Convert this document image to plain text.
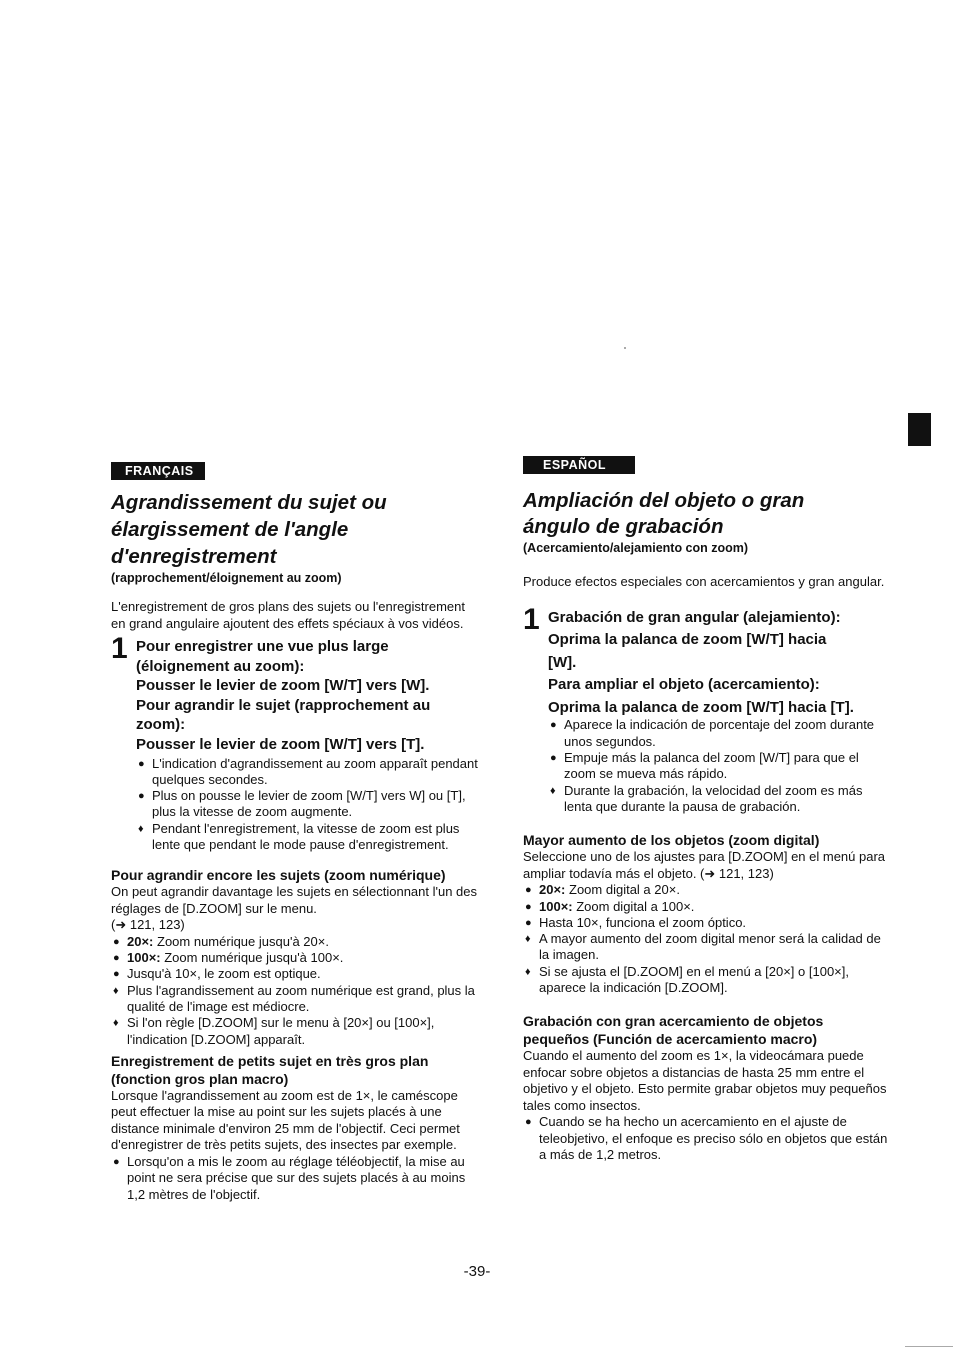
FRANÇAIS
Agrandissement du sujet ou
élargissement de l'angle
d'enregistrement

(rapprochement/éloignement au zoom)

L'enregistrement de gros plans des sujets ou l'enregistrement en grand angulaire ajoutent des effets spéciaux à vos vidéos.

1 Pour enregistrer une vue plus large

(éloignement au zoom):

Pousser le levier de zoom [W/T] vers [W].

Pour agrandir le sujet (rapprochement au

zoom):

Pousser le levier de zoom [W/T] vers [T].

● L'indication d'agrandissement au zoom apparaît pendant quelques secondes.
● Plus on pousse le levier de zoom [W/T] vers W] ou [T], plus la vitesse de zoom augmente.
♦ Pendant l'enregistrement, la vitesse de zoom est plus lente que pendant le mode pause d'enregistrement.

Pour agrandir encore les sujets (zoom numérique)

On peut agrandir davantage les sujets en sélectionnant l'un des réglages de [D.ZOOM] sur le menu.

(➜ 121, 123)

● 20×: Zoom numérique jusqu'à 20×.
● 100×: Zoom numérique jusqu'à 100×.
● Jusqu'à 10×, le zoom est optique.
♦ Plus l'agrandissement au zoom numérique est grand, plus la qualité de l'image est médiocre.
♦ Si l'on règle [D.ZOOM] sur le menu à [20×] ou [100×], l'indication [D.ZOOM] apparaît.

Enregistrement de petits sujet en très gros plan (fonction gros plan macro)

Lorsque l'agrandissement au zoom est de 1×, le caméscope peut effectuer la mise au point sur les sujets placés à une distance minimale d'environ 25 mm de l'objectif. Ceci permet d'enregistrer de très petits sujets, des insectes par exemple.

● Lorsqu'on a mis le zoom au réglage téléobjectif, la mise au point ne sera précise que sur des sujets placés à au moins 1,2 mètres de l'objectif.
ESPAÑOL
Ampliación del objeto o gran
ángulo de grabación

(Acercamiento/alejamiento con zoom)

Produce efectos especiales con acercamientos y gran angular.

1 Grabación de gran angular (alejamiento):

Oprima la palanca de zoom [W/T] hacia

[W].

Para ampliar el objeto (acercamiento):

Oprima la palanca de zoom [W/T] hacia [T].

● Aparece la indicación de porcentaje del zoom durante unos segundos.
● Empuje más la palanca del zoom [W/T] para que el zoom se mueva más rápido.
♦ Durante la grabación, la velocidad del zoom es más lenta que durante la pausa de grabación.

Mayor aumento de los objetos (zoom digital)

Seleccione uno de los ajustes para [D.ZOOM] en el menú para ampliar todavía más el objeto. (➜ 121, 123)

● 20×: Zoom digital a 20×.
● 100×: Zoom digital a 100×.
● Hasta 10×, funciona el zoom óptico.
♦ A mayor aumento del zoom digital menor será la calidad de la imagen.
♦ Si se ajusta el [D.ZOOM] en el menú a [20×] o [100×], aparece la indicación [D.ZOOM].

Grabación con gran acercamiento de objetos pequeños (Función de acercamiento macro)

Cuando el aumento del zoom es 1×, la videocámara puede enfocar sobre objetos a distancias de hasta 25 mm entre el objetivo y el objeto. Esto permite grabar objetos muy pequeños tales como insectos.

● Cuando se ha hecho un acercamiento en el ajuste de teleobjetivo, el enfoque es preciso sólo en objetos que están a más de 1,2 metros.
-39-
